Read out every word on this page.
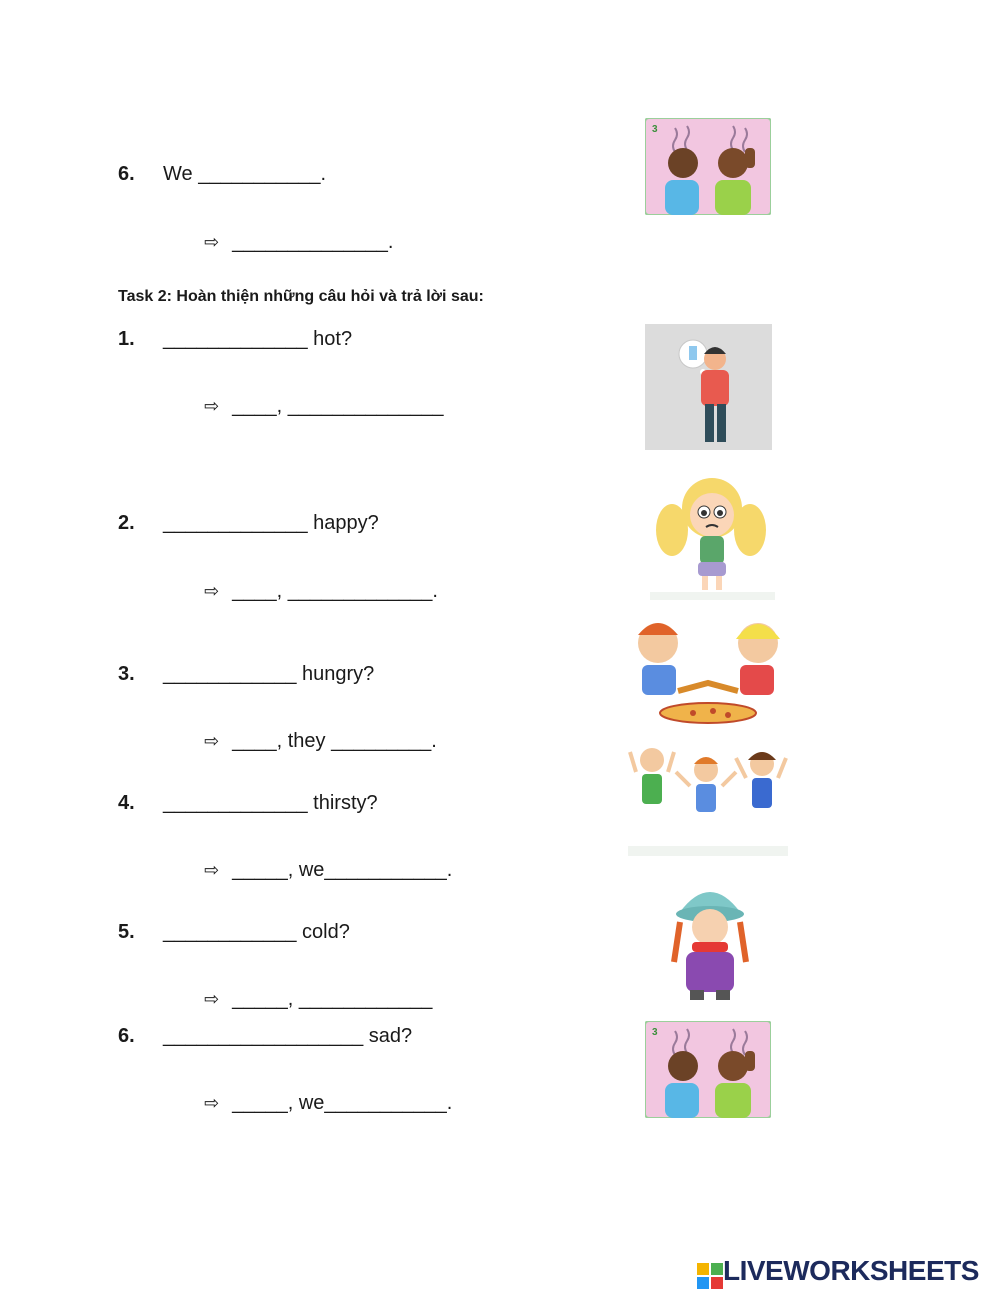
6. We ___________.

⇨ ______________.

3
Task 2: Hoàn thiện những câu hỏi và trả lời sau:
1. _____________ hot?

⇨ ____, ______________

2. _____________ happy?

⇨ ____, _____________.

3. ____________ hungry?

⇨ ____, they _________.

4. _____________ thirsty?

⇨ _____, we___________.

5. ____________ cold?

⇨ _____, ____________

6. __________________ sad?

⇨ _____, we___________.

3
LIVEWORKSHEETS
